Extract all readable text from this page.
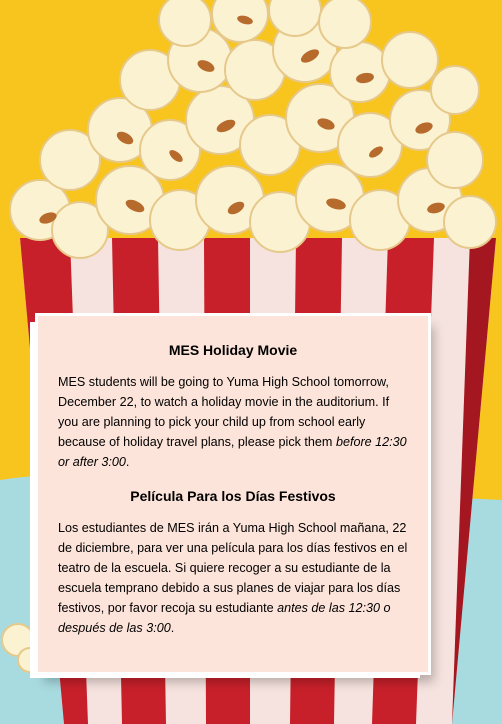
MES Holiday Movie

MES students will be going to Yuma High School tomorrow, December 22, to watch a holiday movie in the auditorium. If you are planning to pick your child up from school early because of holiday travel plans, please pick them before 12:30 or after 3:00.

Película Para los Días Festivos

Los estudiantes de MES irán a Yuma High School mañana, 22 de diciembre, para ver una película para los días festivos en el teatro de la escuela. Si quiere recoger a su estudiante de la escuela temprano debido a sus planes de viajar para los días festivos, por favor recoja su estudiante antes de las 12:30 o después de las 3:00.
